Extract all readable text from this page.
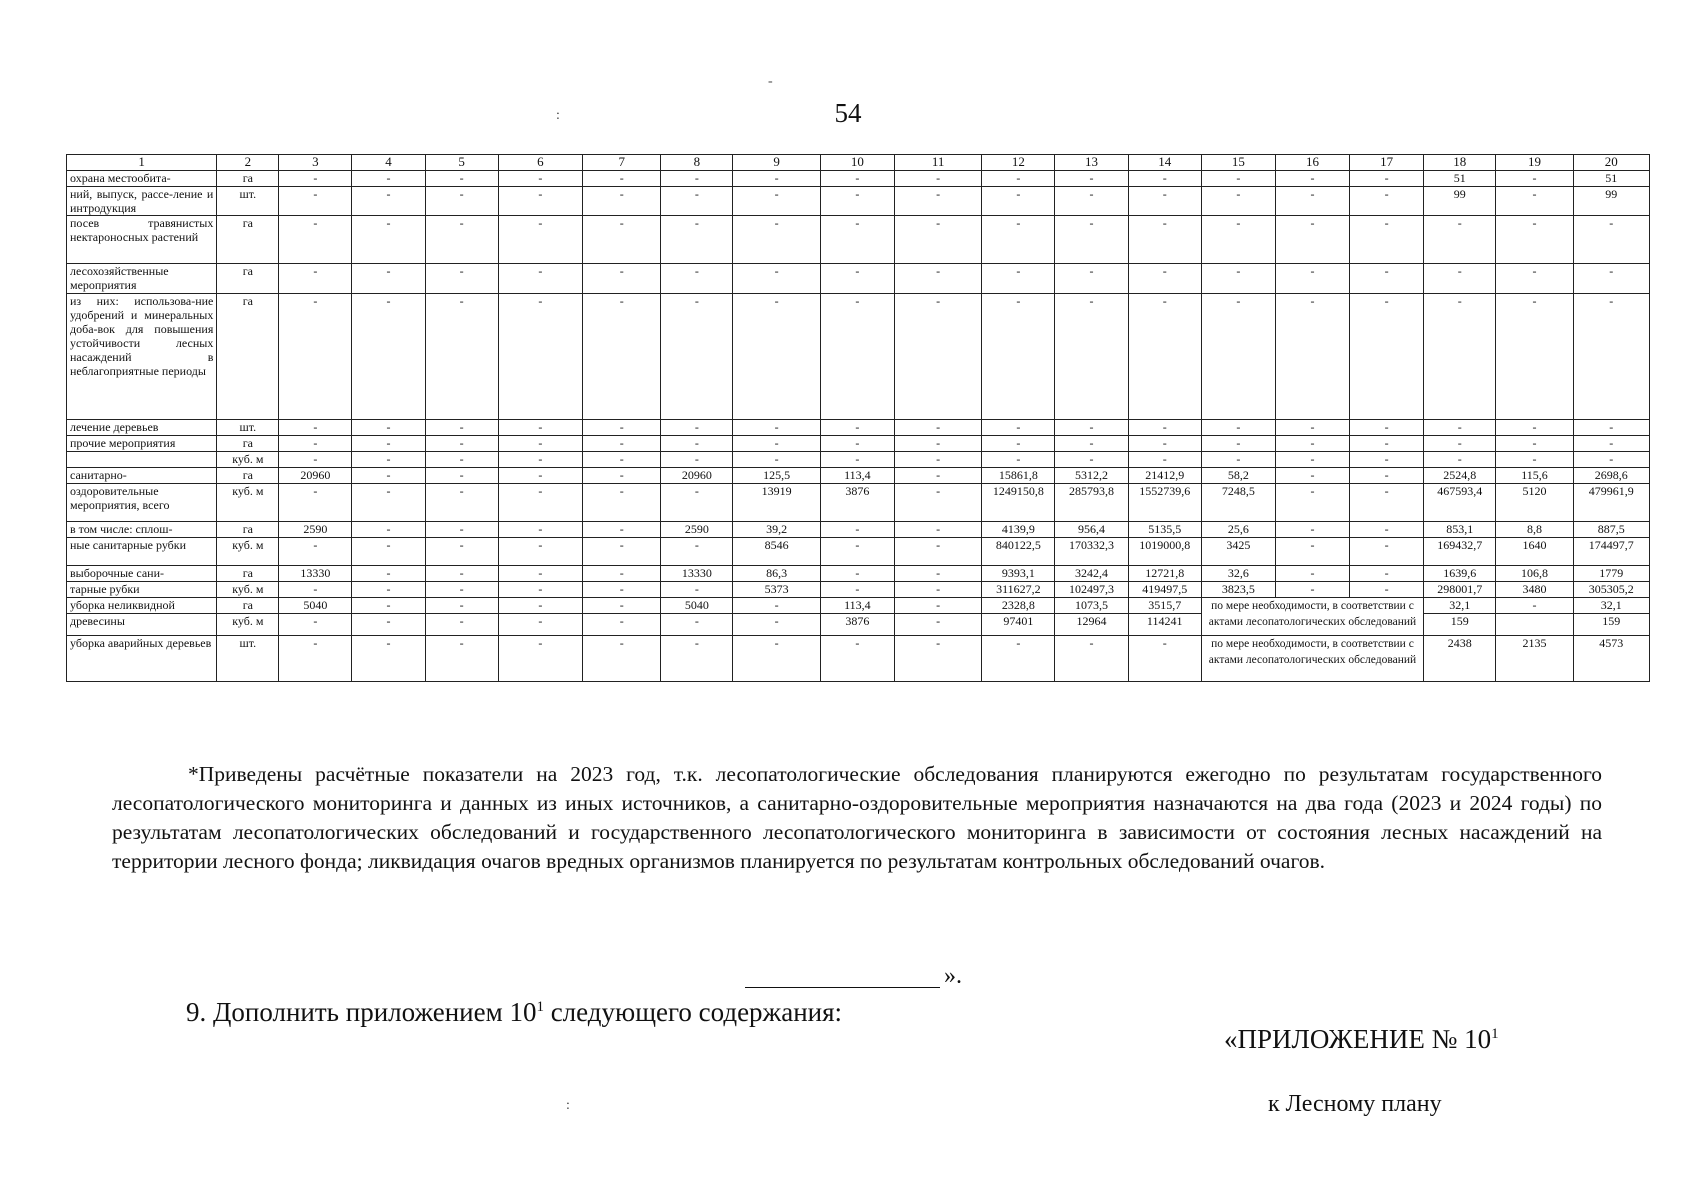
54
1	2	3	4	5	6	7	8	9	10	11	12	13	14	15	16	17	18	19	20
охрана местообита-	га	-	-	-	-	-	-	-	-	-	-	-	-	-	-	-	51	-	51
ний, выпуск, рассе-ление и интродукция	шт.	-	-	-	-	-	-	-	-	-	-	-	-	-	-	-	99	-	99
посев травянистых нектароносных растений	га	-	-	-	-	-	-	-	-	-	-	-	-	-	-	-	-	-	-
лесохозяйственные мероприятия	га	-	-	-	-	-	-	-	-	-	-	-	-	-	-	-	-	-	-
из них: использова-ние удобрений и минеральных доба-вок для повышения устойчивости лесных насаждений в неблагоприятные периоды	га	-	-	-	-	-	-	-	-	-	-	-	-	-	-	-	-	-	-
лечение деревьев	шт.	-	-	-	-	-	-	-	-	-	-	-	-	-	-	-	-	-	-
прочие мероприятия	га	-	-	-	-	-	-	-	-	-	-	-	-	-	-	-	-	-	-
	куб. м	-	-	-	-	-	-	-	-	-	-	-	-	-	-	-	-	-	-
санитарно-	га	20960	-	-	-	-	20960	125,5	113,4	-	15861,8	5312,2	21412,9	58,2	-	-	2524,8	115,6	2698,6
оздоровительные мероприятия, всего	куб. м	-	-	-	-	-	-	13919	3876	-	1249150,8	285793,8	1552739,6	7248,5	-	-	467593,4	5120	479961,9
в том числе: сплош-	га	2590	-	-	-	-	2590	39,2	-	-	4139,9	956,4	5135,5	25,6	-	-	853,1	8,8	887,5
ные санитарные рубки	куб. м	-	-	-	-	-	-	8546	-	-	840122,5	170332,3	1019000,8	3425	-	-	169432,7	1640	174497,7
выборочные сани-	га	13330	-	-	-	-	13330	86,3	-	-	9393,1	3242,4	12721,8	32,6	-	-	1639,6	106,8	1779
тарные рубки	куб. м	-	-	-	-	-	-	5373	-	-	311627,2	102497,3	419497,5	3823,5	-	-	298001,7	3480	305305,2
уборка неликвидной	га	5040	-	-	-	-	5040	-	113,4	-	2328,8	1073,5	3515,7	по мере необходимости, в соответствии с актами лесопатологических обследований			32,1	-	32,1
древесины	куб. м	-	-	-	-	-	-	-	3876	-	97401	12964	114241				159		159
уборка аварийных деревьев	шт.	-	-	-	-	-	-	-	-	-	-	-	-	по мере необходимости, в соответствии с актами лесопатологических обследований			2438	2135	4573
*Приведены расчётные показатели на 2023 год, т.к. лесопатологические обследования планируются ежегодно по результатам государственного лесопатологического мониторинга и данных из иных источников, а санитарно-оздоровительные мероприятия назначаются на два года (2023 и 2024 годы) по результатам лесопатологических обследований и государственного лесопатологического мониторинга в зависимости от состояния лесных насаждений на территории лесного фонда; ликвидация очагов вредных организмов планируется по результатам контрольных обследований очагов.
».
9. Дополнить приложением $10^1$ следующего содержания:
«ПРИЛОЖЕНИЕ № $10^1$
к Лесному плану
-
:
:
